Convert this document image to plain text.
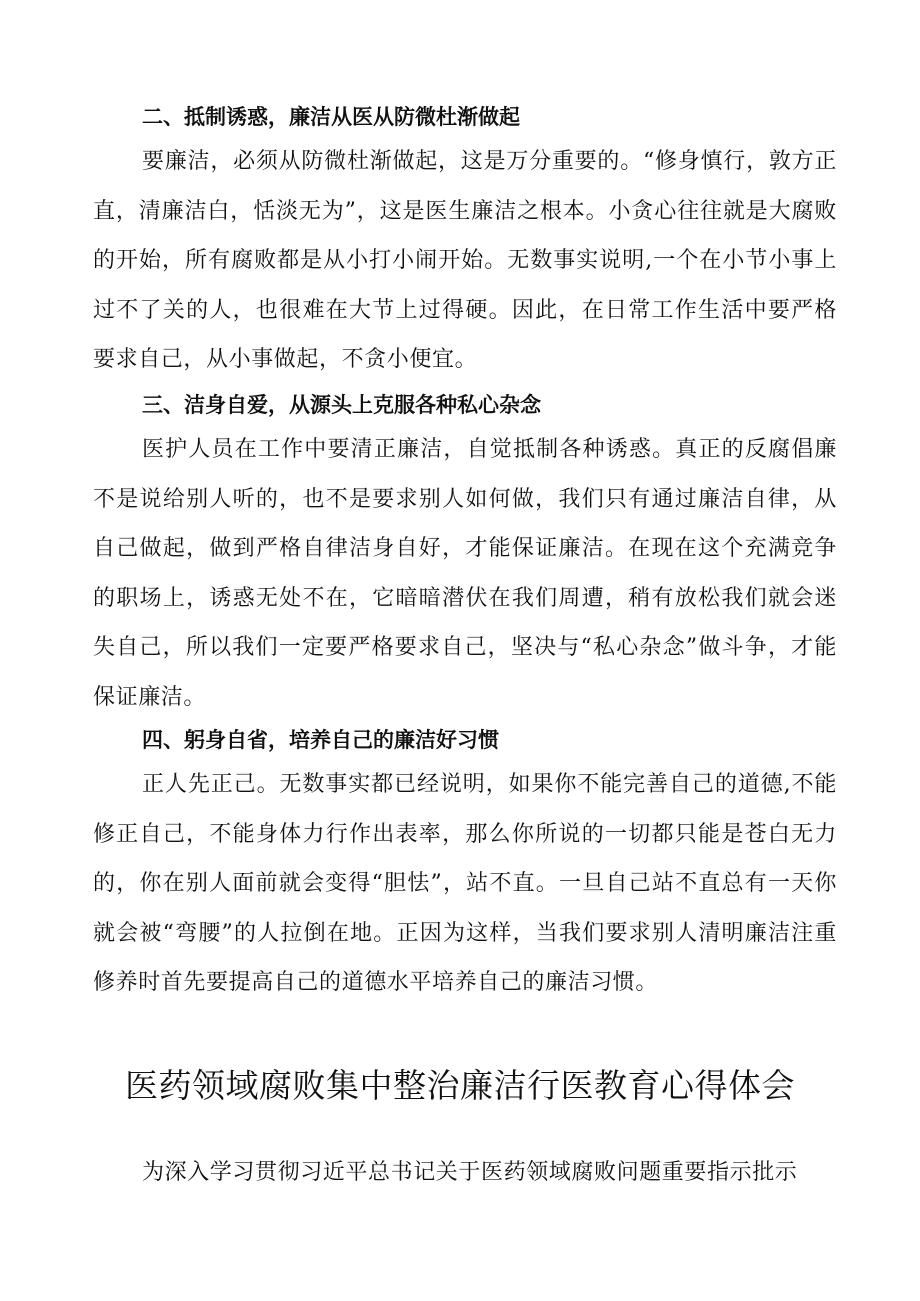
二、抵制诱惑，廉洁从医从防微杜渐做起
要廉洁，必须从防微杜渐做起，这是万分重要的。“修身慎行，敦方正直，清廉洁白，恬淡无为”，这是医生廉洁之根本。小贪心往往就是大腐败的开始，所有腐败都是从小打小闹开始。无数事实说明,一个在小节小事上过不了关的人，也很难在大节上过得硬。因此，在日常工作生活中要严格要求自己，从小事做起，不贪小便宜。
三、洁身自爱，从源头上克服各种私心杂念
医护人员在工作中要清正廉洁，自觉抵制各种诱惑。真正的反腐倡廉不是说给别人听的，也不是要求别人如何做，我们只有通过廉洁自律，从自己做起，做到严格自律洁身自好，才能保证廉洁。在现在这个充满竞争的职场上，诱惑无处不在，它暗暗潜伏在我们周遭，稍有放松我们就会迷失自己，所以我们一定要严格要求自己，坚决与“私心杂念”做斗争，才能保证廉洁。
四、躬身自省，培养自己的廉洁好习惯
正人先正己。无数事实都已经说明，如果你不能完善自己的道德,不能修正自己，不能身体力行作出表率，那么你所说的一切都只能是苍白无力的，你在别人面前就会变得“胆怯”，站不直。一旦自己站不直总有一天你就会被“弯腰”的人拉倒在地。正因为这样，当我们要求别人清明廉洁注重修养时首先要提高自己的道德水平培养自己的廉洁习惯。
医药领域腐败集中整治廉洁行医教育心得体会
为深入学习贯彻习近平总书记关于医药领域腐败问题重要指示批示
